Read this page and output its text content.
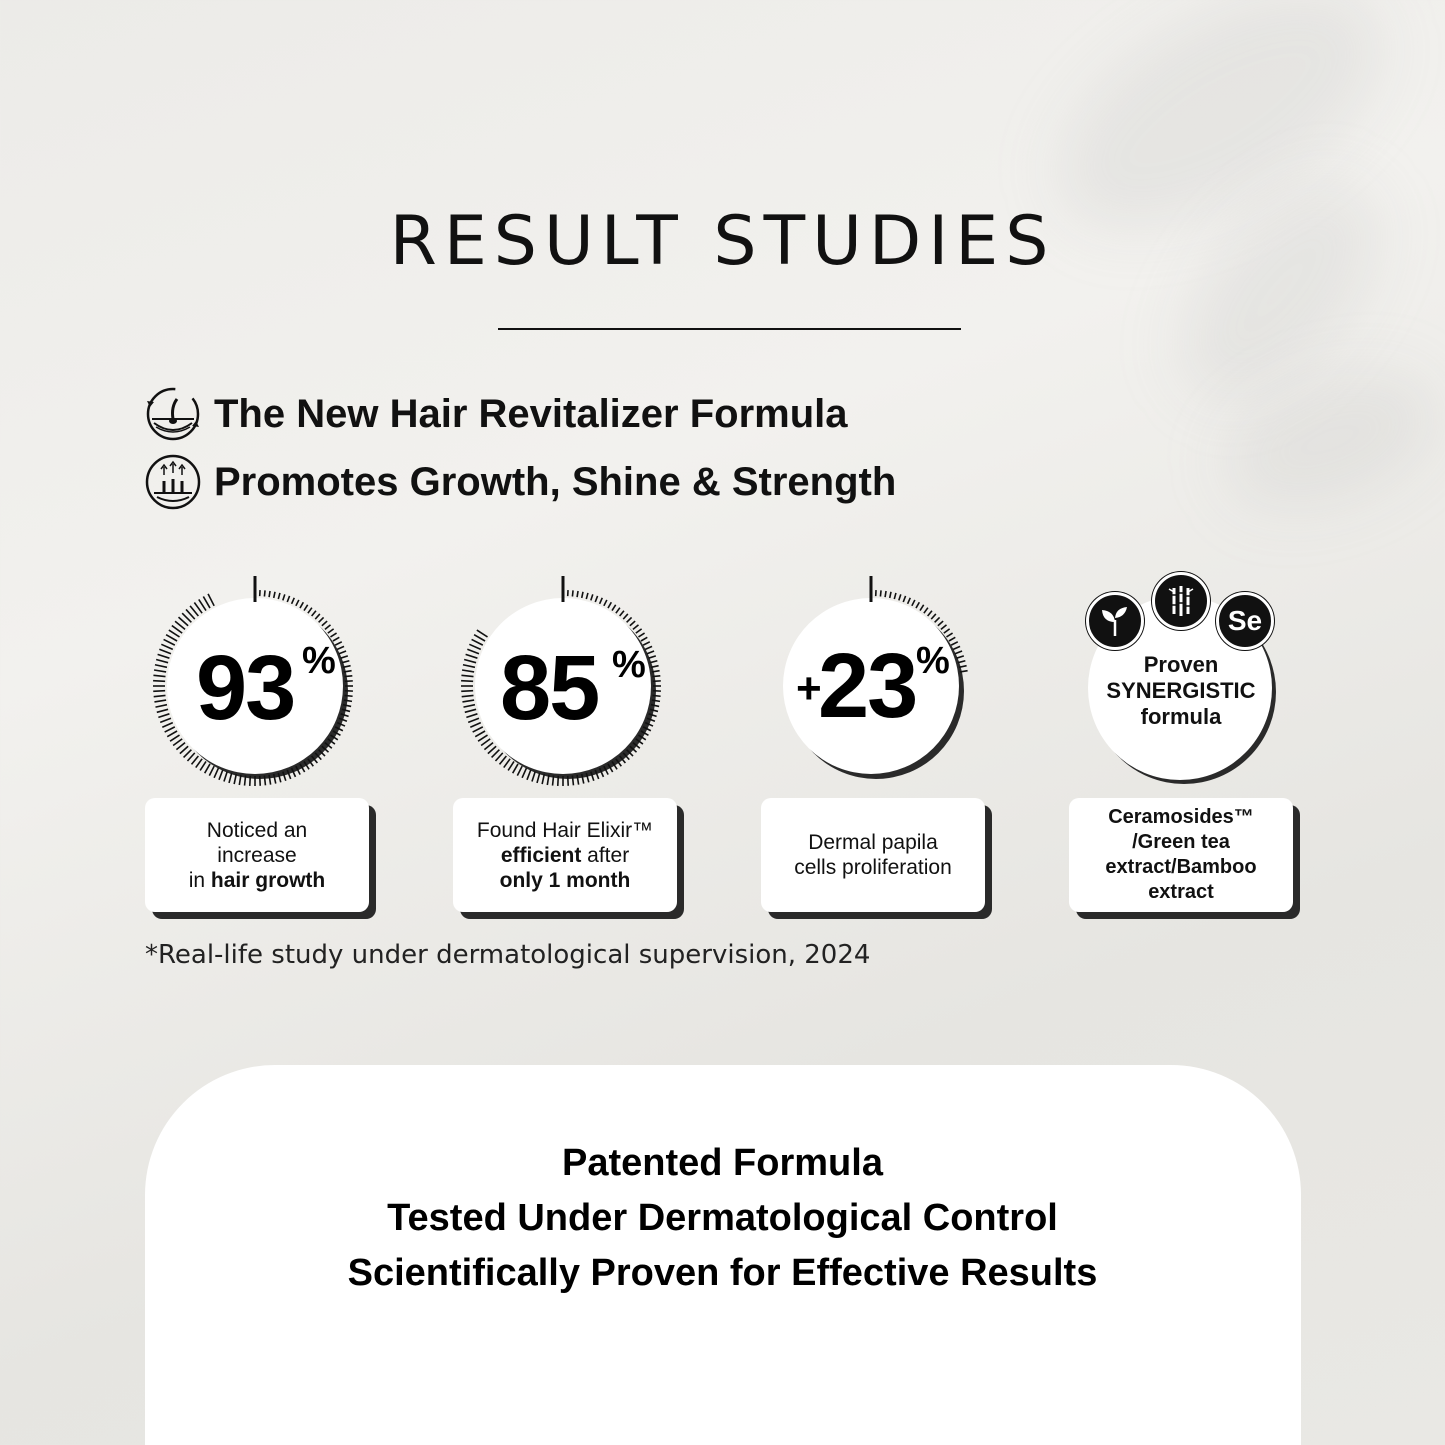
RESULT STUDIES
The New Hair Revitalizer Formula
Promotes Growth, Shine & Strength
93 %
Noticed an
increase
in hair growth
85 %
Found Hair Elixir™
efficient after
only 1 month
+
23 %
Dermal papila
cells proliferation
Proven
SYNERGISTIC
formula
Se
Ceramosides™
/Green tea
extract/Bamboo
extract
*Real-life study under dermatological supervision, 2024
Patented Formula
Tested Under Dermatological Control
Scientifically Proven for Effective Results
